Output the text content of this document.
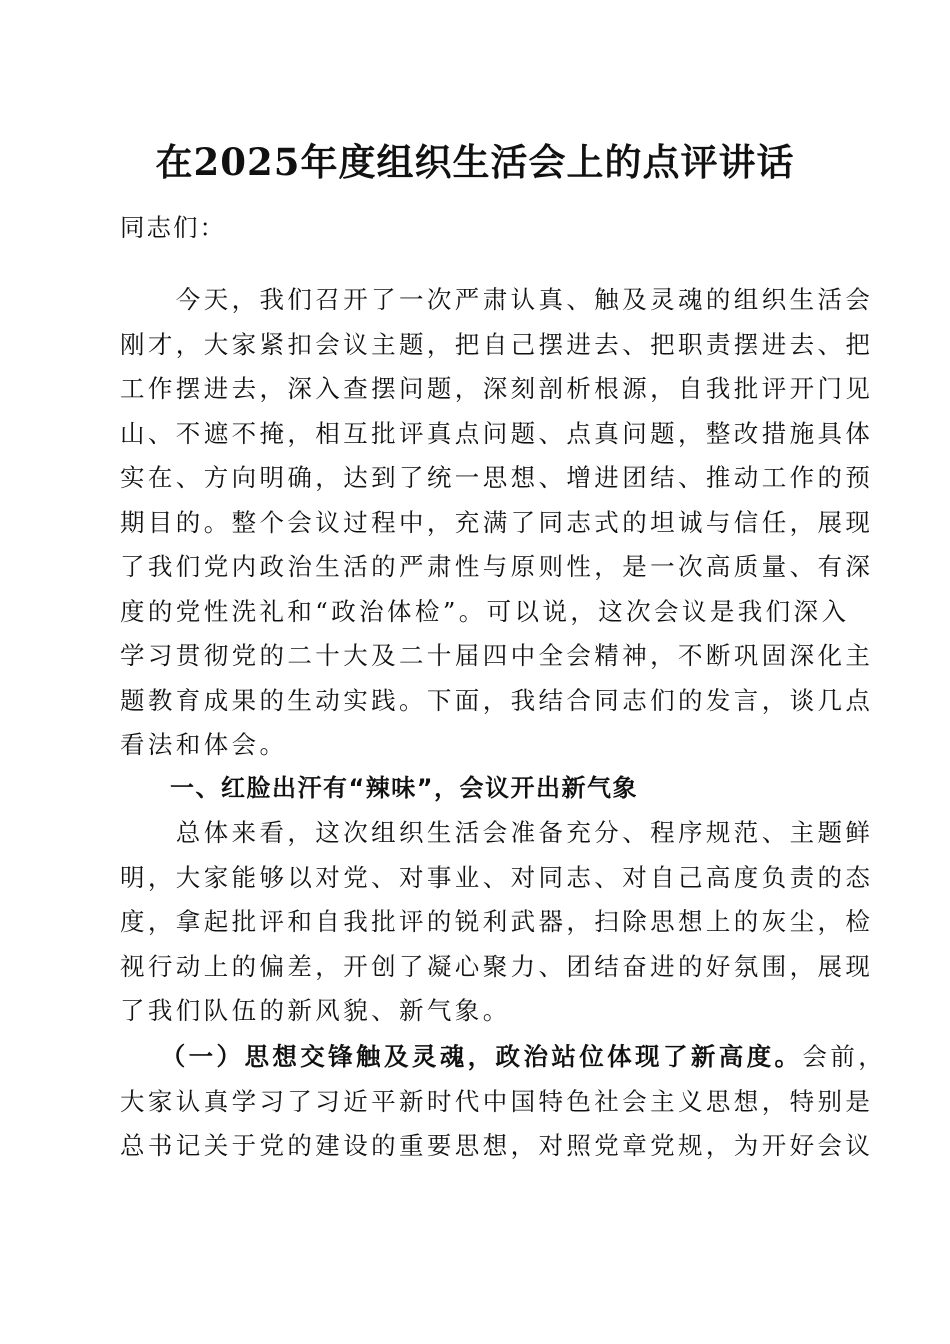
在2025年度组织生活会上的点评讲话
同志们：
　　今天，我们召开了一次严肃认真、触及灵魂的组织生活会
刚才，大家紧扣会议主题，把自己摆进去、把职责摆进去、把
工作摆进去，深入查摆问题，深刻剖析根源，自我批评开门见
山、不遮不掩，相互批评真点问题、点真问题，整改措施具体
实在、方向明确，达到了统一思想、增进团结、推动工作的预
期目的。整个会议过程中，充满了同志式的坦诚与信任，展现
了我们党内政治生活的严肃性与原则性，是一次高质量、有深
度的党性洗礼和“政治体检”。可以说，这次会议是我们深入
学习贯彻党的二十大及二十届四中全会精神，不断巩固深化主
题教育成果的生动实践。下面，我结合同志们的发言，谈几点
看法和体会。
一、红脸出汗有“辣味”，会议开出新气象
　　总体来看，这次组织生活会准备充分、程序规范、主题鲜
明，大家能够以对党、对事业、对同志、对自己高度负责的态
度，拿起批评和自我批评的锐利武器，扫除思想上的灰尘，检
视行动上的偏差，开创了凝心聚力、团结奋进的好氛围，展现
了我们队伍的新风貌、新气象。
　　（一）思想交锋触及灵魂，政治站位体现了新高度。会前，
大家认真学习了习近平新时代中国特色社会主义思想，特别是
总书记关于党的建设的重要思想，对照党章党规，为开好会议
